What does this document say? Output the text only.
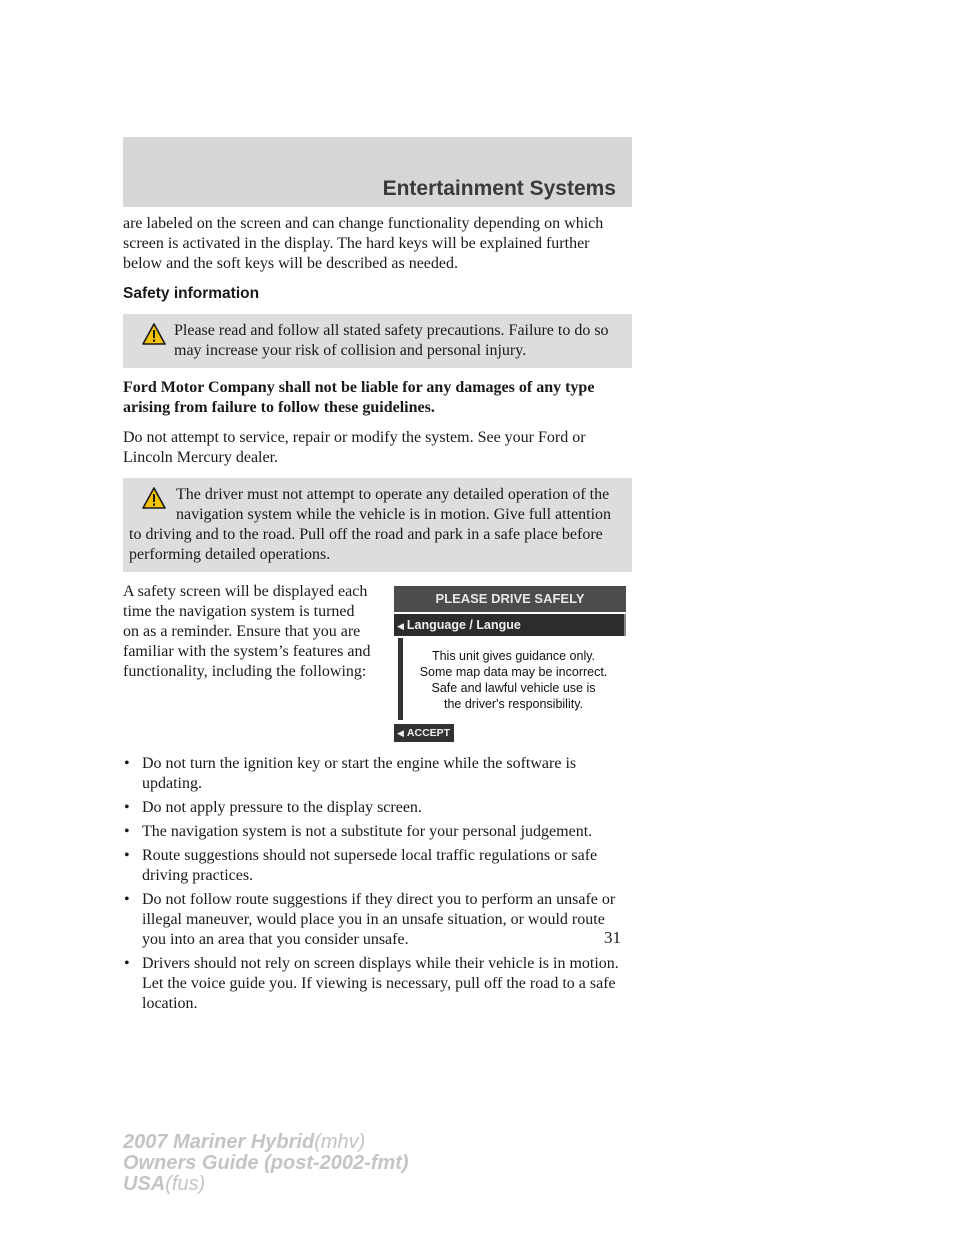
Entertainment Systems

are labeled on the screen and can change functionality depending on which screen is activated in the display. The hard keys will be explained further below and the soft keys will be described as needed.

Safety information
Please read and follow all stated safety precautions. Failure to do so may increase your risk of collision and personal injury.

Ford Motor Company shall not be liable for any damages of any type arising from failure to follow these guidelines.

Do not attempt to service, repair or modify the system. See your Ford or Lincoln Mercury dealer.

The driver must not attempt to operate any detailed operation of the navigation system while the vehicle is in motion. Give full attention to driving and to the road. Pull off the road and park in a safe place before performing detailed operations.

A safety screen will be displayed each time the navigation system is turned on as a reminder. Ensure that you are familiar with the system’s features and functionality, including the following:

PLEASE DRIVE SAFELY
◀ Language / Langue
This unit gives guidance only.
Some map data may be incorrect.
Safe and lawful vehicle use is
the driver's responsibility.
◀ ACCEPT
• Do not turn the ignition key or start the engine while the software is updating.
• Do not apply pressure to the display screen.
• The navigation system is not a substitute for your personal judgement.
• Route suggestions should not supersede local traffic regulations or safe driving practices.
• Do not follow route suggestions if they direct you to perform an unsafe or illegal maneuver, would place you in an unsafe situation, or would route you into an area that you consider unsafe.
• Drivers should not rely on screen displays while their vehicle is in motion. Let the voice guide you. If viewing is necessary, pull off the road to a safe location.
31

2007 Mariner Hybrid(mhv)

Owners Guide (post-2002-fmt)

USA(fus)
